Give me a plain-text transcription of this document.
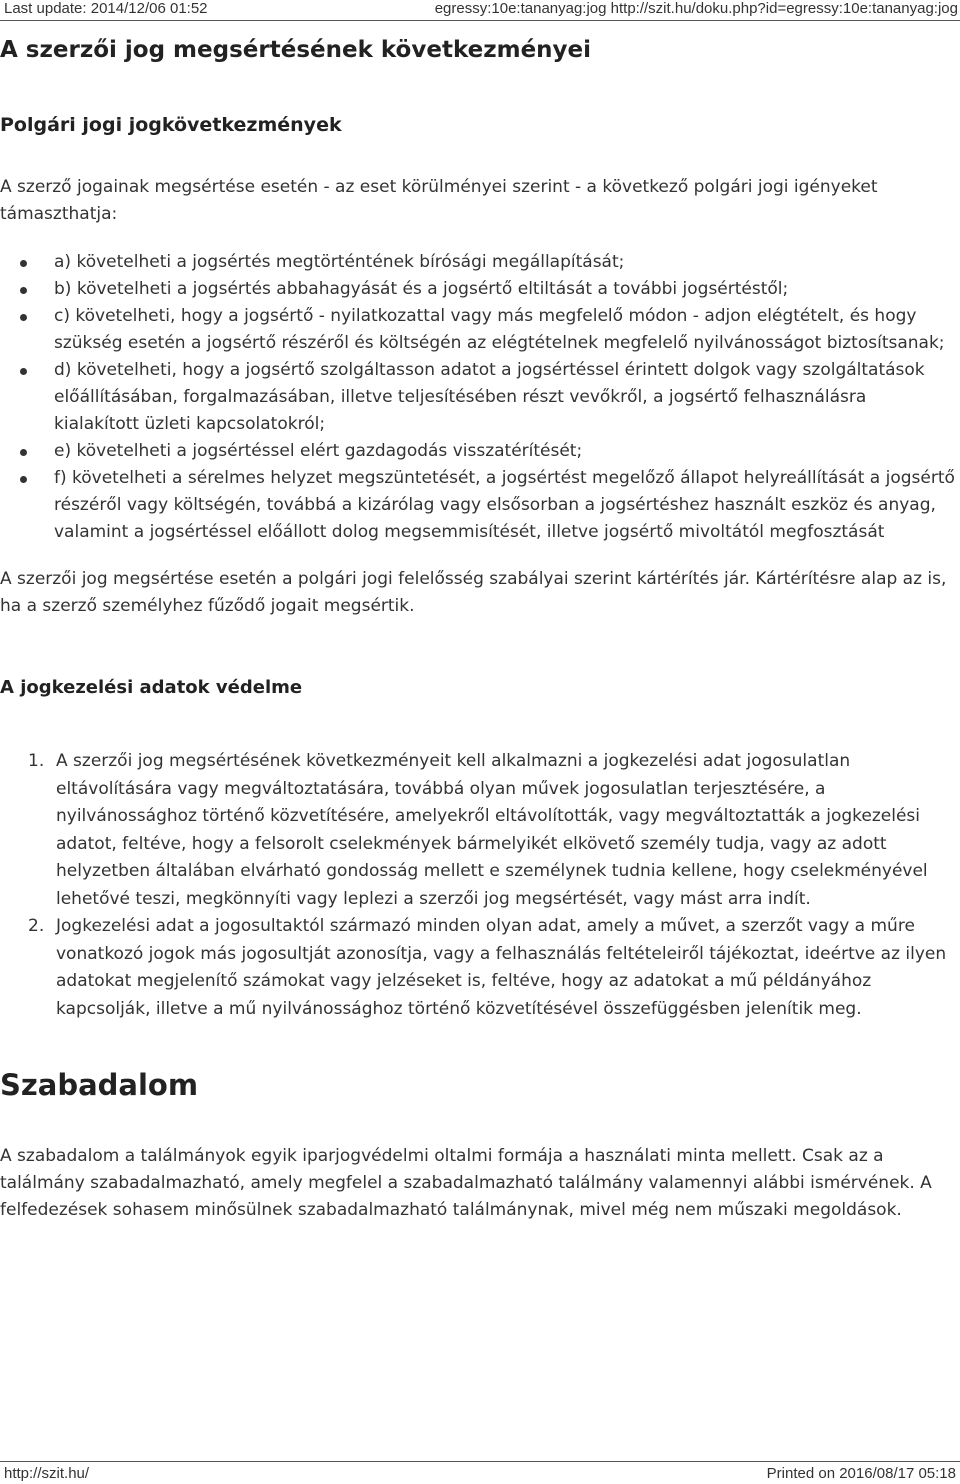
Last update: 2014/12/06 01:52	egressy:10e:tananyag:jog http://szit.hu/doku.php?id=egressy:10e:tananyag:jog
A szerzői jog megsértésének következményei
Polgári jogi jogkövetkezmények

A szerző jogainak megsértése esetén - az eset körülményei szerint - a következő polgári jogi igényeket támaszthatja:

a) követelheti a jogsértés megtörténtének bírósági megállapítását;
b) követelheti a jogsértés abbahagyását és a jogsértő eltiltását a további jogsértéstől;
c) követelheti, hogy a jogsértő - nyilatkozattal vagy más megfelelő módon - adjon elégtételt, és hogy szükség esetén a jogsértő részéről és költségén az elégtételnek megfelelő nyilvánosságot biztosítsanak;
d) követelheti, hogy a jogsértő szolgáltasson adatot a jogsértéssel érintett dolgok vagy szolgáltatások előállításában, forgalmazásában, illetve teljesítésében részt vevőkről, a jogsértő felhasználásra kialakított üzleti kapcsolatokról;
e) követelheti a jogsértéssel elért gazdagodás visszatérítését;
f) követelheti a sérelmes helyzet megszüntetését, a jogsértést megelőző állapot helyreállítását a jogsértő részéről vagy költségén, továbbá a kizárólag vagy elsősorban a jogsértéshez használt eszköz és anyag, valamint a jogsértéssel előállott dolog megsemmisítését, illetve jogsértő mivoltától megfosztását

A szerzői jog megsértése esetén a polgári jogi felelősség szabályai szerint kártérítés jár. Kártérítésre alap az is, ha a szerző személyhez fűződő jogait megsértik.

A jogkezelési adatok védelme
1. A szerzői jog megsértésének következményeit kell alkalmazni a jogkezelési adat jogosulatlan eltávolítására vagy megváltoztatására, továbbá olyan művek jogosulatlan terjesztésére, a nyilvánossághoz történő közvetítésére, amelyekről eltávolították, vagy megváltoztatták a jogkezelési adatot, feltéve, hogy a felsorolt cselekmények bármelyikét elkövető személy tudja, vagy az adott helyzetben általában elvárható gondosság mellett e személynek tudnia kellene, hogy cselekményével lehetővé teszi, megkönnyíti vagy leplezi a szerzői jog megsértését, vagy mást arra indít.
2. Jogkezelési adat a jogosultaktól származó minden olyan adat, amely a művet, a szerzőt vagy a műre vonatkozó jogok más jogosultját azonosítja, vagy a felhasználás feltételeiről tájékoztat, ideértve az ilyen adatokat megjelenítő számokat vagy jelzéseket is, feltéve, hogy az adatokat a mű példányához kapcsolják, illetve a mű nyilvánossághoz történő közvetítésével összefüggésben jelenítik meg.
Szabadalom

A szabadalom a találmányok egyik iparjogvédelmi oltalmi formája a használati minta mellett. Csak az a találmány szabadalmazható, amely megfelel a szabadalmazható találmány valamennyi alábbi ismérvének. A felfedezések sohasem minősülnek szabadalmazható találmánynak, mivel még nem műszaki megoldások.

http://szit.hu/	Printed on 2016/08/17 05:18
